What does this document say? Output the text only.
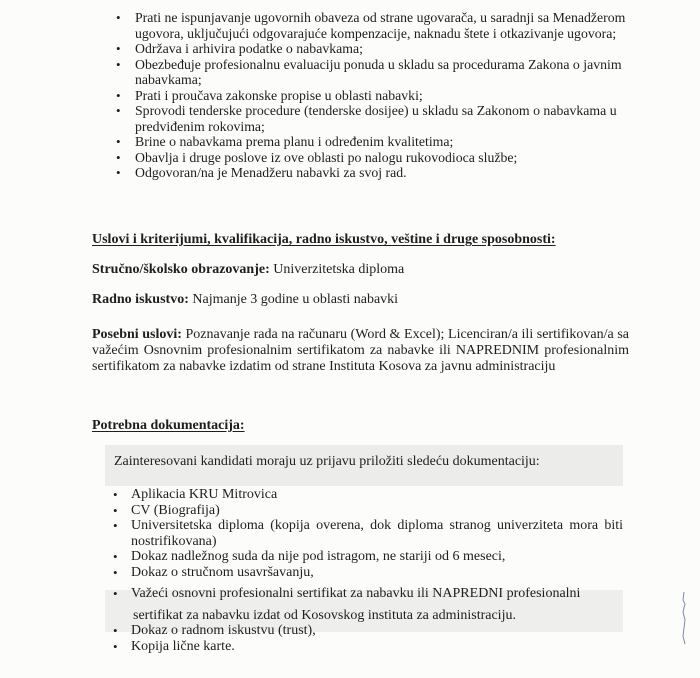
• Prati ne ispunjavanje ugovornih obaveza od strane ugovarača, u saradnji sa Menadžerom ugovora, uključujući odgovarajuće kompenzacije, naknadu štete i otkazivanje ugovora;
• Održava i arhivira podatke o nabavkama;
• Obezbeđuje profesionalnu evaluaciju ponuda u skladu sa procedurama Zakona o javnim nabavkama;
• Prati i proučava zakonske propise u oblasti nabavki;
• Sprovodi tenderske procedure (tenderske dosijee) u skladu sa Zakonom o nabavkama u predviđenim rokovima;
• Brine o nabavkama prema planu i određenim kvalitetima;
• Obavlja i druge poslove iz ove oblasti po nalogu rukovodioca službe;
• Odgovoran/na je Menadžeru nabavki za svoj rad.
Uslovi i kriterijumi, kvalifikacija, radno iskustvo, veštine i druge sposobnosti:
Stručno/školsko obrazovanje: Univerzitetska diploma
Radno iskustvo: Najmanje 3 godine u oblasti nabavki
Posebni uslovi: Poznavanje rada na računaru (Word & Excel); Licenciran/a ili sertifikovan/a sa važećim Osnovnim profesionalnim sertifikatom za nabavke ili NAPREDNIM profesionalnim sertifikatom za nabavke izdatim od strane Instituta Kosova za javnu administraciju
Potrebna dokumentacija:
Zainteresovani kandidati moraju uz prijavu priložiti sledeću dokumentaciju:
• Aplikacia KRU Mitrovica
• CV (Biografija)
• Universitetska diploma (kopija overena, dok diploma stranog univerziteta mora biti nostrifikovana)
• Dokaz nadležnog suda da nije pod istragom, ne stariji od 6 meseci,
• Dokaz o stručnom usavršavanju,
• Važeći osnovni profesionalni sertifikat za nabavku ili NAPREDNI profesionalni
sertifikat za nabavku izdat od Kosovskog instituta za administraciju.
• Dokaz o radnom iskustvu (trust),
• Kopija lične karte.
